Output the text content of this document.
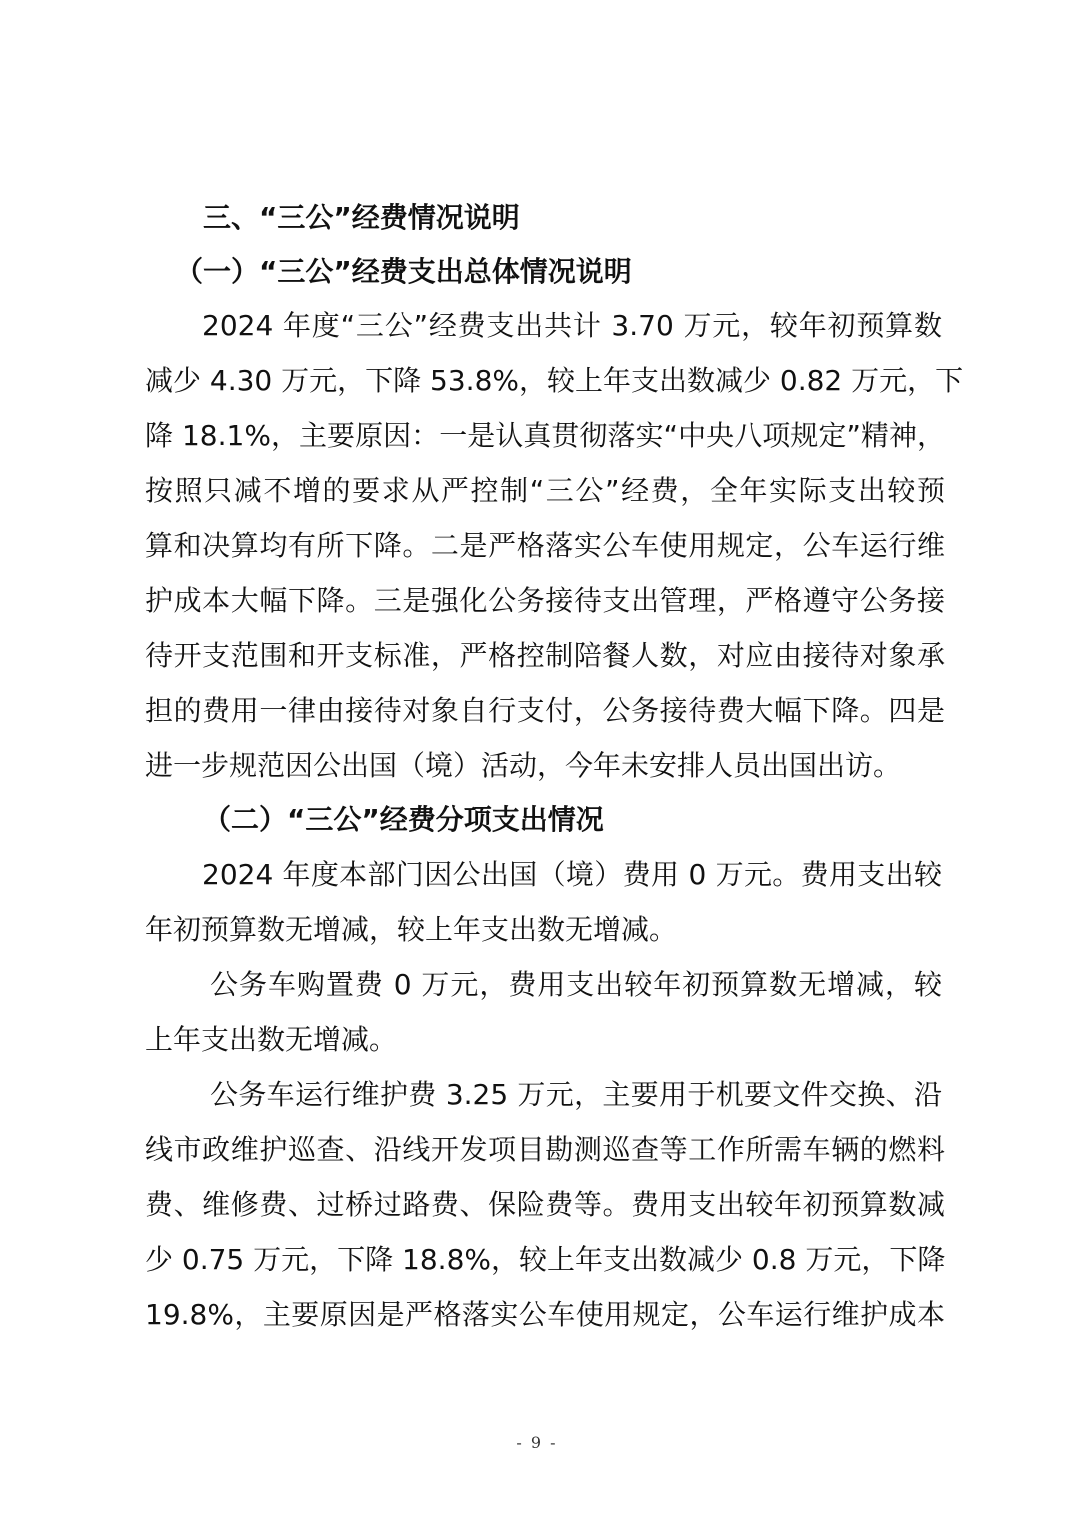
三、“三公”经费情况说明
（一）“三公”经费支出总体情况说明
2024 年度“三公”经费支出共计 3.70 万元，较年初预算数
减少 4.30 万元，下降 53.8%，较上年支出数减少 0.82 万元，下
降 18.1%，主要原因：一是认真贯彻落实“中央八项规定”精神，
按照只减不增的要求从严控制“三公”经费，全年实际支出较预
算和决算均有所下降。二是严格落实公车使用规定，公车运行维
护成本大幅下降。三是强化公务接待支出管理，严格遵守公务接
待开支范围和开支标准，严格控制陪餐人数，对应由接待对象承
担的费用一律由接待对象自行支付，公务接待费大幅下降。四是
进一步规范因公出国（境）活动，今年未安排人员出国出访。
（二）“三公”经费分项支出情况
2024 年度本部门因公出国（境）费用 0 万元。费用支出较
年初预算数无增减，较上年支出数无增减。
公务车购置费 0 万元，费用支出较年初预算数无增减，较
上年支出数无增减。
公务车运行维护费 3.25 万元，主要用于机要文件交换、沿
线市政维护巡查、沿线开发项目勘测巡查等工作所需车辆的燃料
费、维修费、过桥过路费、保险费等。费用支出较年初预算数减
少 0.75 万元，下降 18.8%，较上年支出数减少 0.8 万元，下降
19.8%，主要原因是严格落实公车使用规定，公车运行维护成本
- 9 -
